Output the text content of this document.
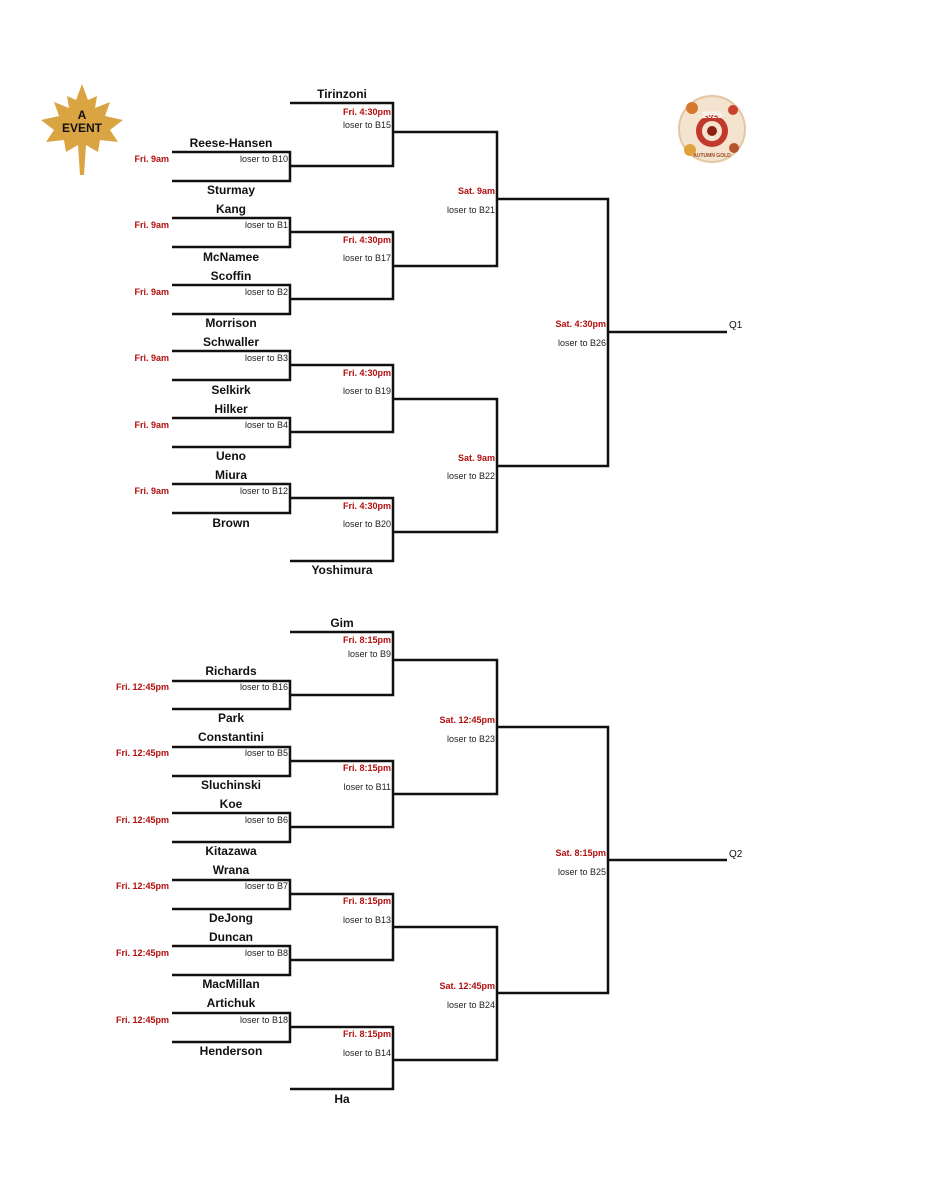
A
EVENT
2025
AUTUMN GOLD
Tirinzoni
Reese-Hansen
Sturmay
Kang
McNamee
Scoffin
Morrison
Schwaller
Selkirk
Hilker
Ueno
Miura
Brown
Yoshimura
Fri. 9am	loser to B10
Fri. 9am	loser to B1
Fri. 9am	loser to B2
Fri. 9am	loser to B3
Fri. 9am	loser to B4
Fri. 9am	loser to B12
Fri. 4:30pm
loser to B15
Fri. 4:30pm
loser to B17
Fri. 4:30pm
loser to B19
Fri. 4:30pm
loser to B20
Sat. 9am
loser to B21
Sat. 9am
loser to B22
Sat. 4:30pm
loser to B26
Q1
Gim
Richards
Park
Constantini
Sluchinski
Koe
Kitazawa
Wrana
DeJong
Duncan
MacMillan
Artichuk
Henderson
Ha
Fri. 12:45pm	loser to B16
Fri. 12:45pm	loser to B5
Fri. 12:45pm	loser to B6
Fri. 12:45pm	loser to B7
Fri. 12:45pm	loser to B8
Fri. 12:45pm	loser to B18
Fri. 8:15pm
loser to B9
Fri. 8:15pm
loser to B11
Fri. 8:15pm
loser to B13
Fri. 8:15pm
loser to B14
Sat. 12:45pm
loser to B23
Sat. 12:45pm
loser to B24
Sat. 8:15pm
loser to B25
Q2
